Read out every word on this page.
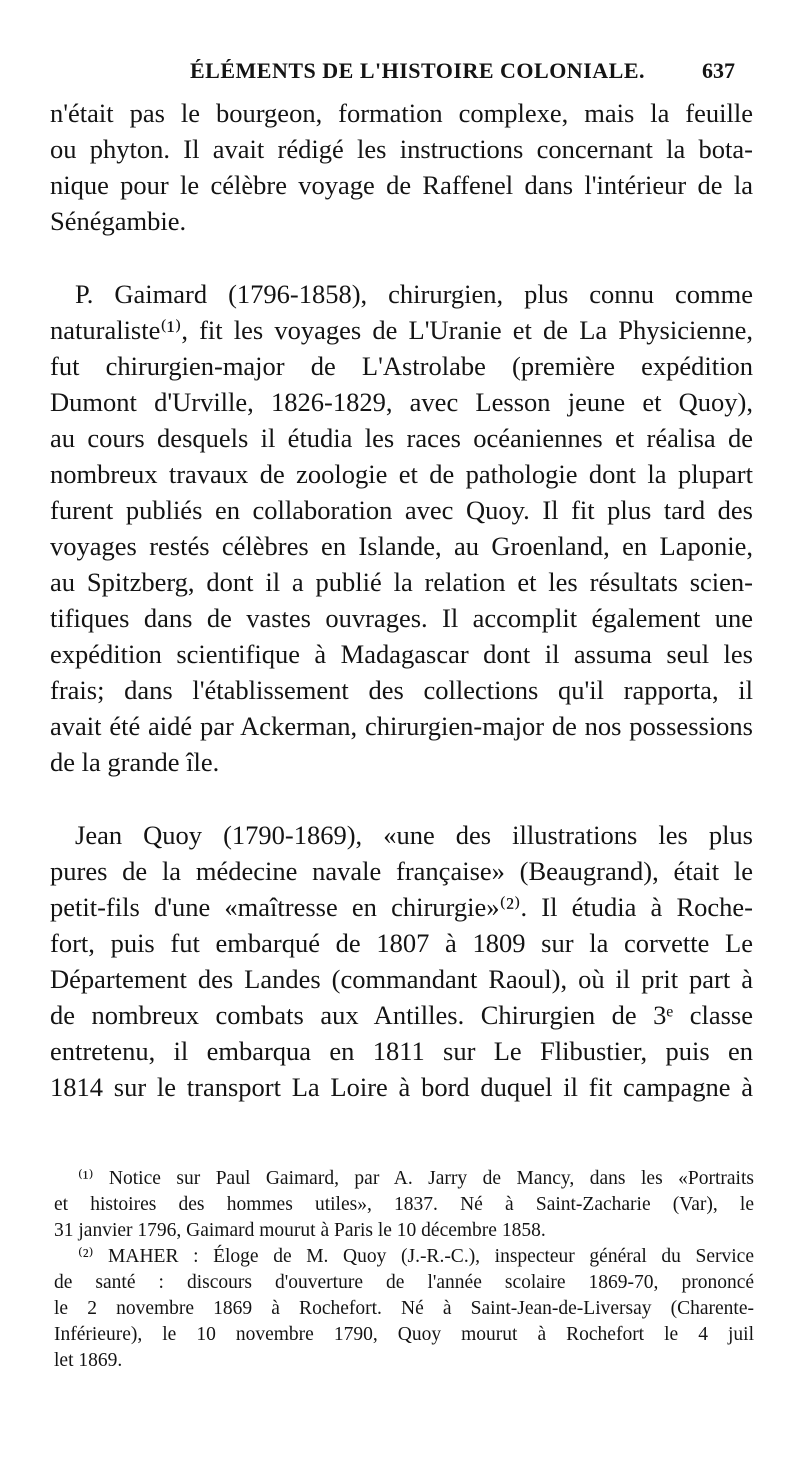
ÉLÉMENTS DE L'HISTOIRE COLONIALE.	637
n'était pas le bourgeon, formation complexe, mais la feuille
ou phyton. Il avait rédigé les instructions concernant la bota-
nique pour le célèbre voyage de Raffenel dans l'intérieur de la
Sénégambie.
P. Gaimard (1796-1858), chirurgien, plus connu comme
naturaliste⁽¹⁾, fit les voyages de L'Uranie et de La Physicienne,
fut chirurgien-major de L'Astrolabe (première expédition
Dumont d'Urville, 1826-1829, avec Lesson jeune et Quoy),
au cours desquels il étudia les races océaniennes et réalisa de
nombreux travaux de zoologie et de pathologie dont la plupart
furent publiés en collaboration avec Quoy. Il fit plus tard des
voyages restés célèbres en Islande, au Groenland, en Laponie,
au Spitzberg, dont il a publié la relation et les résultats scien-
tifiques dans de vastes ouvrages. Il accomplit également une
expédition scientifique à Madagascar dont il assuma seul les
frais; dans l'établissement des collections qu'il rapporta, il
avait été aidé par Ackerman, chirurgien-major de nos possessions
de la grande île.
Jean Quoy (1790-1869), «une des illustrations les plus
pures de la médecine navale française» (Beaugrand), était le
petit-fils d'une «maîtresse en chirurgie»⁽²⁾. Il étudia à Roche-
fort, puis fut embarqué de 1807 à 1809 sur la corvette Le
Département des Landes (commandant Raoul), où il prit part à
de nombreux combats aux Antilles. Chirurgien de 3ᵉ classe
entretenu, il embarqua en 1811 sur Le Flibustier, puis en
1814 sur le transport La Loire à bord duquel il fit campagne à
⁽¹⁾ Notice sur Paul Gaimard, par A. Jarry de Mancy, dans les «Portraits
et histoires des hommes utiles», 1837. Né à Saint-Zacharie (Var), le
31 janvier 1796, Gaimard mourut à Paris le 10 décembre 1858.
⁽²⁾ MAHER : Éloge de M. Quoy (J.-R.-C.), inspecteur général du Service
de santé : discours d'ouverture de l'année scolaire 1869-70, prononcé
le 2 novembre 1869 à Rochefort. Né à Saint-Jean-de-Liversay (Charente-
Inférieure), le 10 novembre 1790, Quoy mourut à Rochefort le 4 juil
let 1869.
